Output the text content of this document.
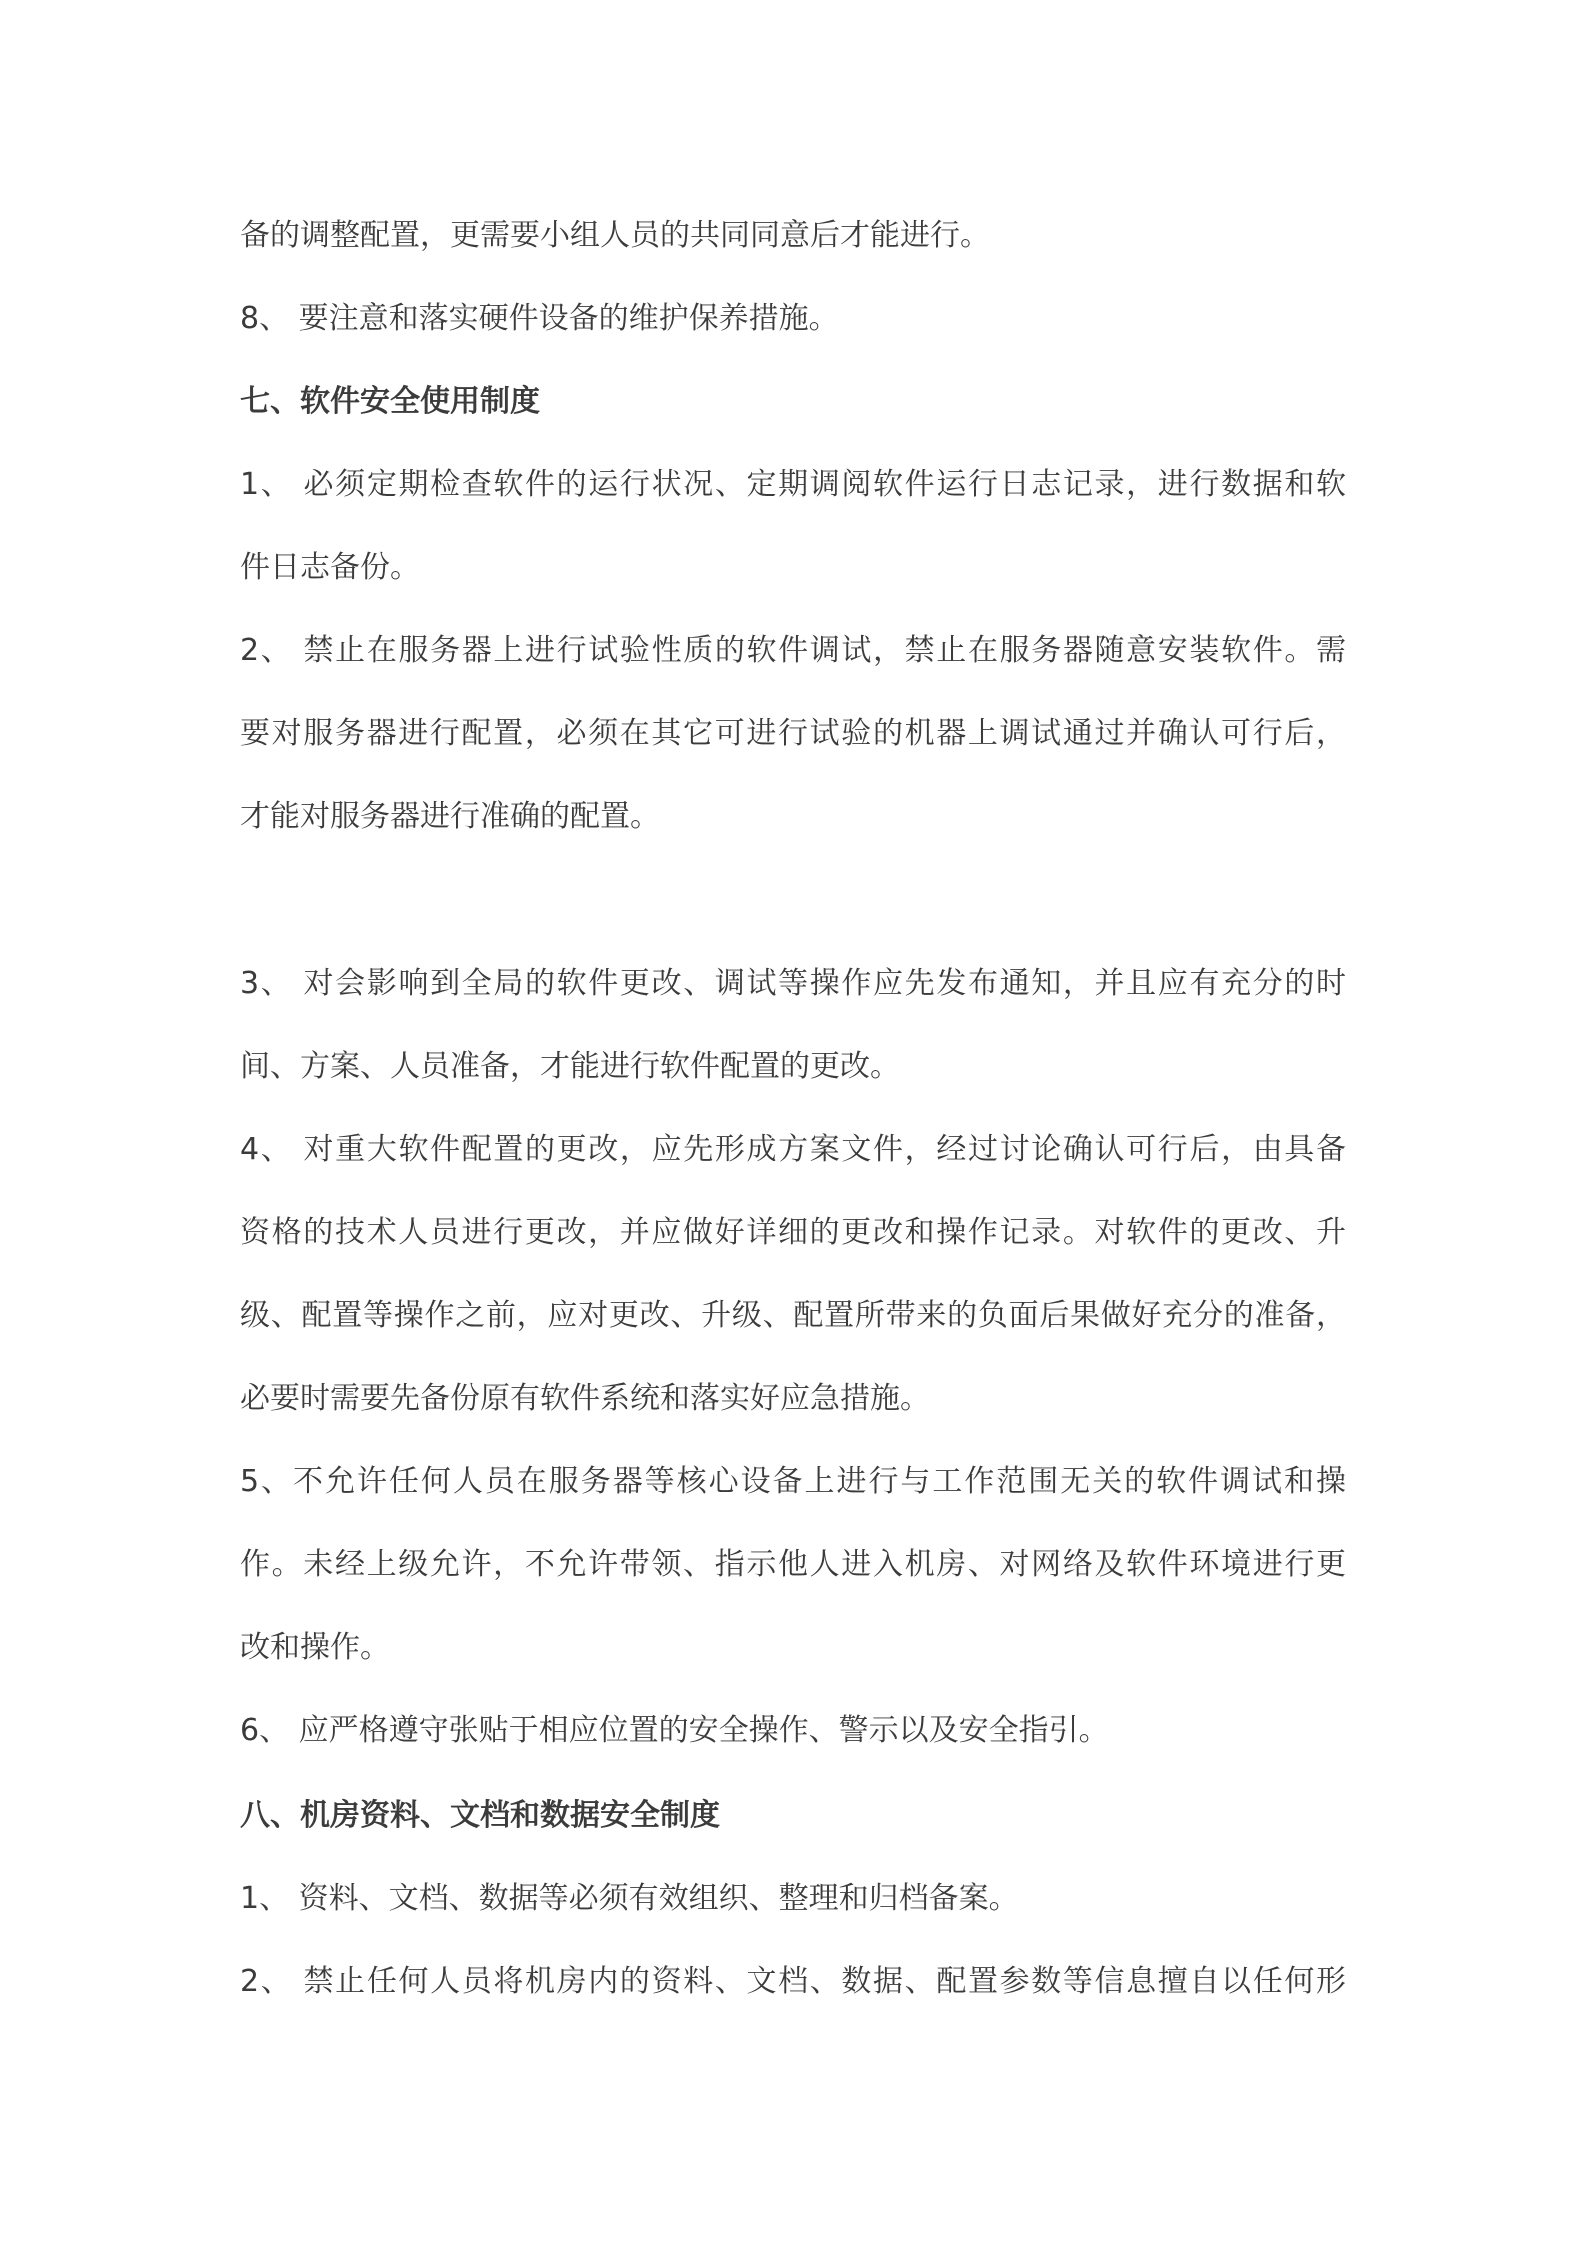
备的调整配置，更需要小组人员的共同同意后才能进行。
8、 要注意和落实硬件设备的维护保养措施。
七、软件安全使用制度
1、 必须定期检查软件的运行状况、定期调阅软件运行日志记录，进行数据和软
件日志备份。
2、 禁止在服务器上进行试验性质的软件调试，禁止在服务器随意安装软件。需
要对服务器进行配置，必须在其它可进行试验的机器上调试通过并确认可行后，
才能对服务器进行准确的配置。
3、 对会影响到全局的软件更改、调试等操作应先发布通知，并且应有充分的时
间、方案、人员准备，才能进行软件配置的更改。
4、 对重大软件配置的更改，应先形成方案文件，经过讨论确认可行后，由具备
资格的技术人员进行更改，并应做好详细的更改和操作记录。对软件的更改、升
级、配置等操作之前，应对更改、升级、配置所带来的负面后果做好充分的准备，
必要时需要先备份原有软件系统和落实好应急措施。
5、不允许任何人员在服务器等核心设备上进行与工作范围无关的软件调试和操
作。未经上级允许，不允许带领、指示他人进入机房、对网络及软件环境进行更
改和操作。
6、 应严格遵守张贴于相应位置的安全操作、警示以及安全指引。
八、机房资料、文档和数据安全制度
1、 资料、文档、数据等必须有效组织、整理和归档备案。
2、 禁止任何人员将机房内的资料、文档、数据、配置参数等信息擅自以任何形
